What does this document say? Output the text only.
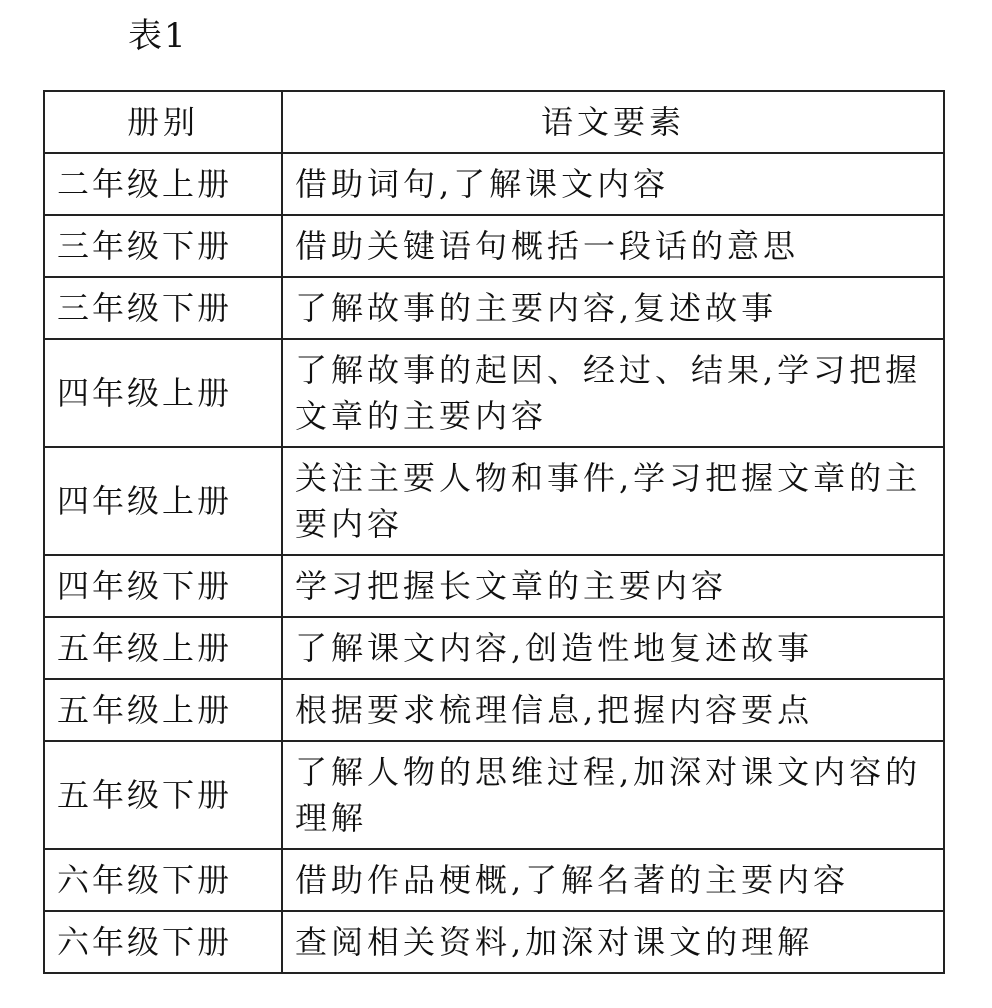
表1
册别	语文要素
二年级上册	借助词句,了解课文内容
三年级下册	借助关键语句概括一段话的意思
三年级下册	了解故事的主要内容,复述故事
四年级上册	了解故事的起因、经过、结果,学习把握文章的主要内容
四年级上册	关注主要人物和事件,学习把握文章的主要内容
四年级下册	学习把握长文章的主要内容
五年级上册	了解课文内容,创造性地复述故事
五年级上册	根据要求梳理信息,把握内容要点
五年级下册	了解人物的思维过程,加深对课文内容的理解
六年级下册	借助作品梗概,了解名著的主要内容
六年级下册	查阅相关资料,加深对课文的理解
